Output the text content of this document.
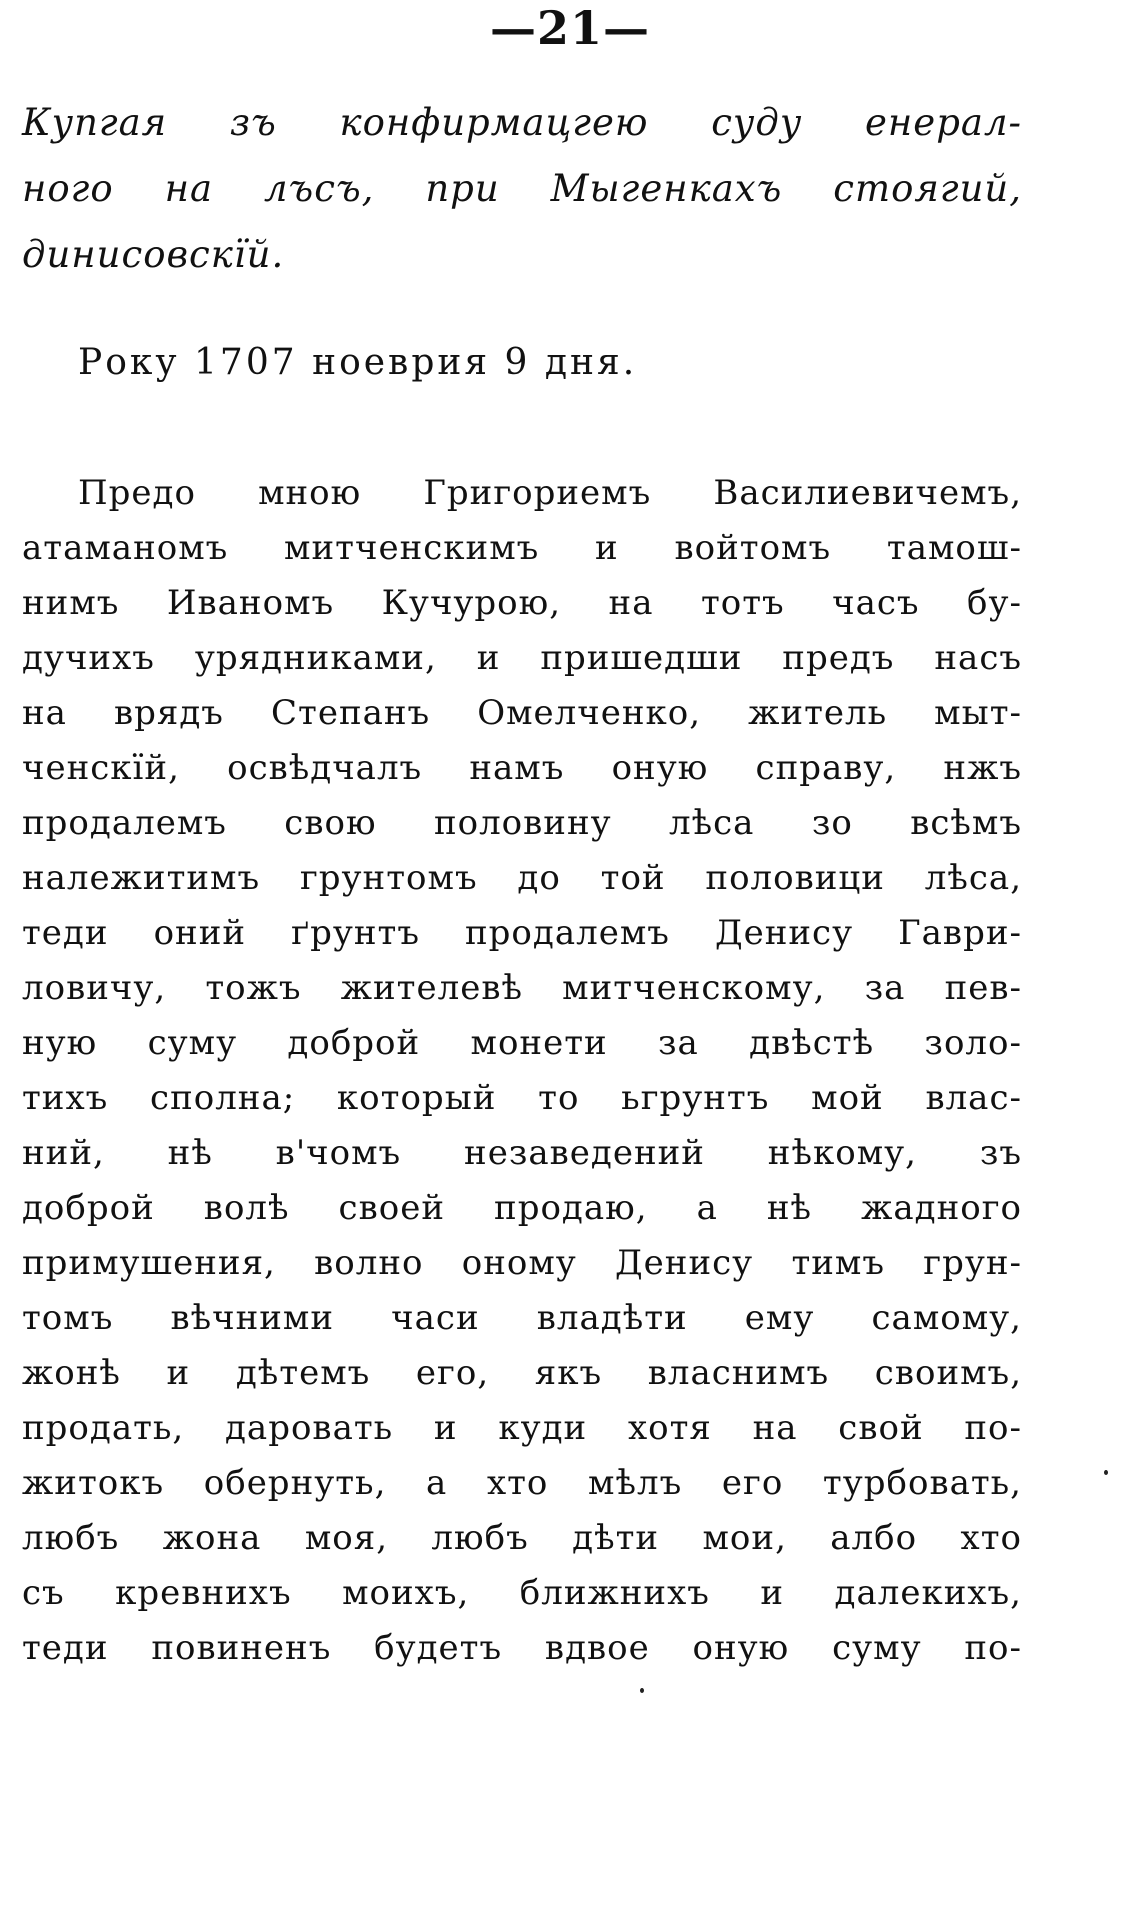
—21—
Купгая зъ конфирмацгею суду енерал-
ного на лъсъ, при Мыгенкахъ стоягий,
динисовскїй.
Року 1707 ноеврия 9 дня.
Предо мною Григориемъ Василиевичемъ,
атаманомъ митченскимъ и войтомъ тамош-
нимъ Иваномъ Кучурою, на тотъ часъ бу-
дучихъ урядниками, и пришедши предъ насъ
на врядъ Степанъ Омелченко, житель мыт-
ченскїй, освѣдчалъ намъ оную справу, нжъ
продалемъ свою половину лѣса зо всѣмъ
належитимъ грунтомъ до той половици лѣса,
теди оний ґрунтъ продалемъ Денису Гаври-
ловичу, тожъ жителевѣ митченскому, за пев-
ную суму доброй монети за двѣстѣ золо-
тихъ сполна; который то ьгрунтъ мой влас-
ний, нѣ в'чомъ незаведений нѣкому, зъ
доброй волѣ своей продаю, а нѣ жадного
примушения, волно оному Денису тимъ грун-
томъ вѣчними часи владѣти ему самому,
жонѣ и дѣтемъ его, якъ власнимъ своимъ,
продать, даровать и куди хотя на свой по-
житокъ обернуть, а хто мѣлъ его турбовать,
любъ жона моя, любъ дѣти мои, албо хто
съ кревнихъ моихъ, ближнихъ и далекихъ,
теди повиненъ будетъ вдвое оную суму по-
